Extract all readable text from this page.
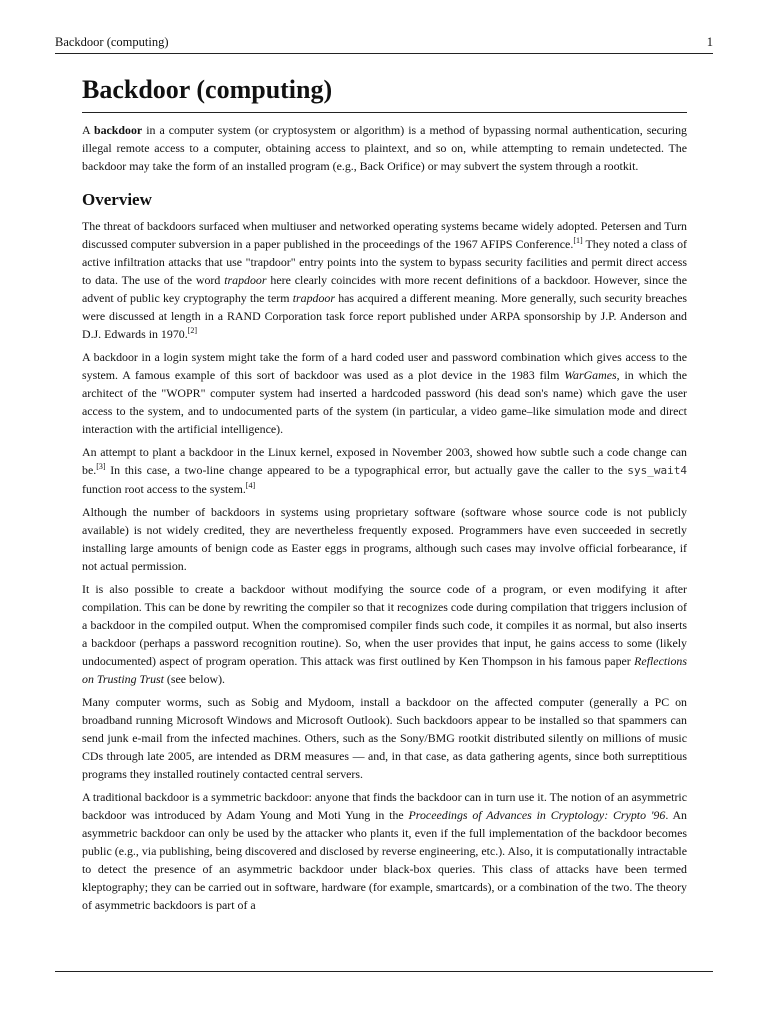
Backdoor (computing)	1
Backdoor (computing)

A backdoor in a computer system (or cryptosystem or algorithm) is a method of bypassing normal authentication, securing illegal remote access to a computer, obtaining access to plaintext, and so on, while attempting to remain undetected. The backdoor may take the form of an installed program (e.g., Back Orifice) or may subvert the system through a rootkit.

Overview

The threat of backdoors surfaced when multiuser and networked operating systems became widely adopted. Petersen and Turn discussed computer subversion in a paper published in the proceedings of the 1967 AFIPS Conference.[1] They noted a class of active infiltration attacks that use "trapdoor" entry points into the system to bypass security facilities and permit direct access to data. The use of the word trapdoor here clearly coincides with more recent definitions of a backdoor. However, since the advent of public key cryptography the term trapdoor has acquired a different meaning. More generally, such security breaches were discussed at length in a RAND Corporation task force report published under ARPA sponsorship by J.P. Anderson and D.J. Edwards in 1970.[2]

A backdoor in a login system might take the form of a hard coded user and password combination which gives access to the system. A famous example of this sort of backdoor was used as a plot device in the 1983 film WarGames, in which the architect of the "WOPR" computer system had inserted a hardcoded password (his dead son's name) which gave the user access to the system, and to undocumented parts of the system (in particular, a video game–like simulation mode and direct interaction with the artificial intelligence).

An attempt to plant a backdoor in the Linux kernel, exposed in November 2003, showed how subtle such a code change can be.[3] In this case, a two-line change appeared to be a typographical error, but actually gave the caller to the sys_wait4 function root access to the system.[4]

Although the number of backdoors in systems using proprietary software (software whose source code is not publicly available) is not widely credited, they are nevertheless frequently exposed. Programmers have even succeeded in secretly installing large amounts of benign code as Easter eggs in programs, although such cases may involve official forbearance, if not actual permission.

It is also possible to create a backdoor without modifying the source code of a program, or even modifying it after compilation. This can be done by rewriting the compiler so that it recognizes code during compilation that triggers inclusion of a backdoor in the compiled output. When the compromised compiler finds such code, it compiles it as normal, but also inserts a backdoor (perhaps a password recognition routine). So, when the user provides that input, he gains access to some (likely undocumented) aspect of program operation. This attack was first outlined by Ken Thompson in his famous paper Reflections on Trusting Trust (see below).

Many computer worms, such as Sobig and Mydoom, install a backdoor on the affected computer (generally a PC on broadband running Microsoft Windows and Microsoft Outlook). Such backdoors appear to be installed so that spammers can send junk e-mail from the infected machines. Others, such as the Sony/BMG rootkit distributed silently on millions of music CDs through late 2005, are intended as DRM measures — and, in that case, as data gathering agents, since both surreptitious programs they installed routinely contacted central servers.

A traditional backdoor is a symmetric backdoor: anyone that finds the backdoor can in turn use it. The notion of an asymmetric backdoor was introduced by Adam Young and Moti Yung in the Proceedings of Advances in Cryptology: Crypto '96. An asymmetric backdoor can only be used by the attacker who plants it, even if the full implementation of the backdoor becomes public (e.g., via publishing, being discovered and disclosed by reverse engineering, etc.). Also, it is computationally intractable to detect the presence of an asymmetric backdoor under black-box queries. This class of attacks have been termed kleptography; they can be carried out in software, hardware (for example, smartcards), or a combination of the two. The theory of asymmetric backdoors is part of a
